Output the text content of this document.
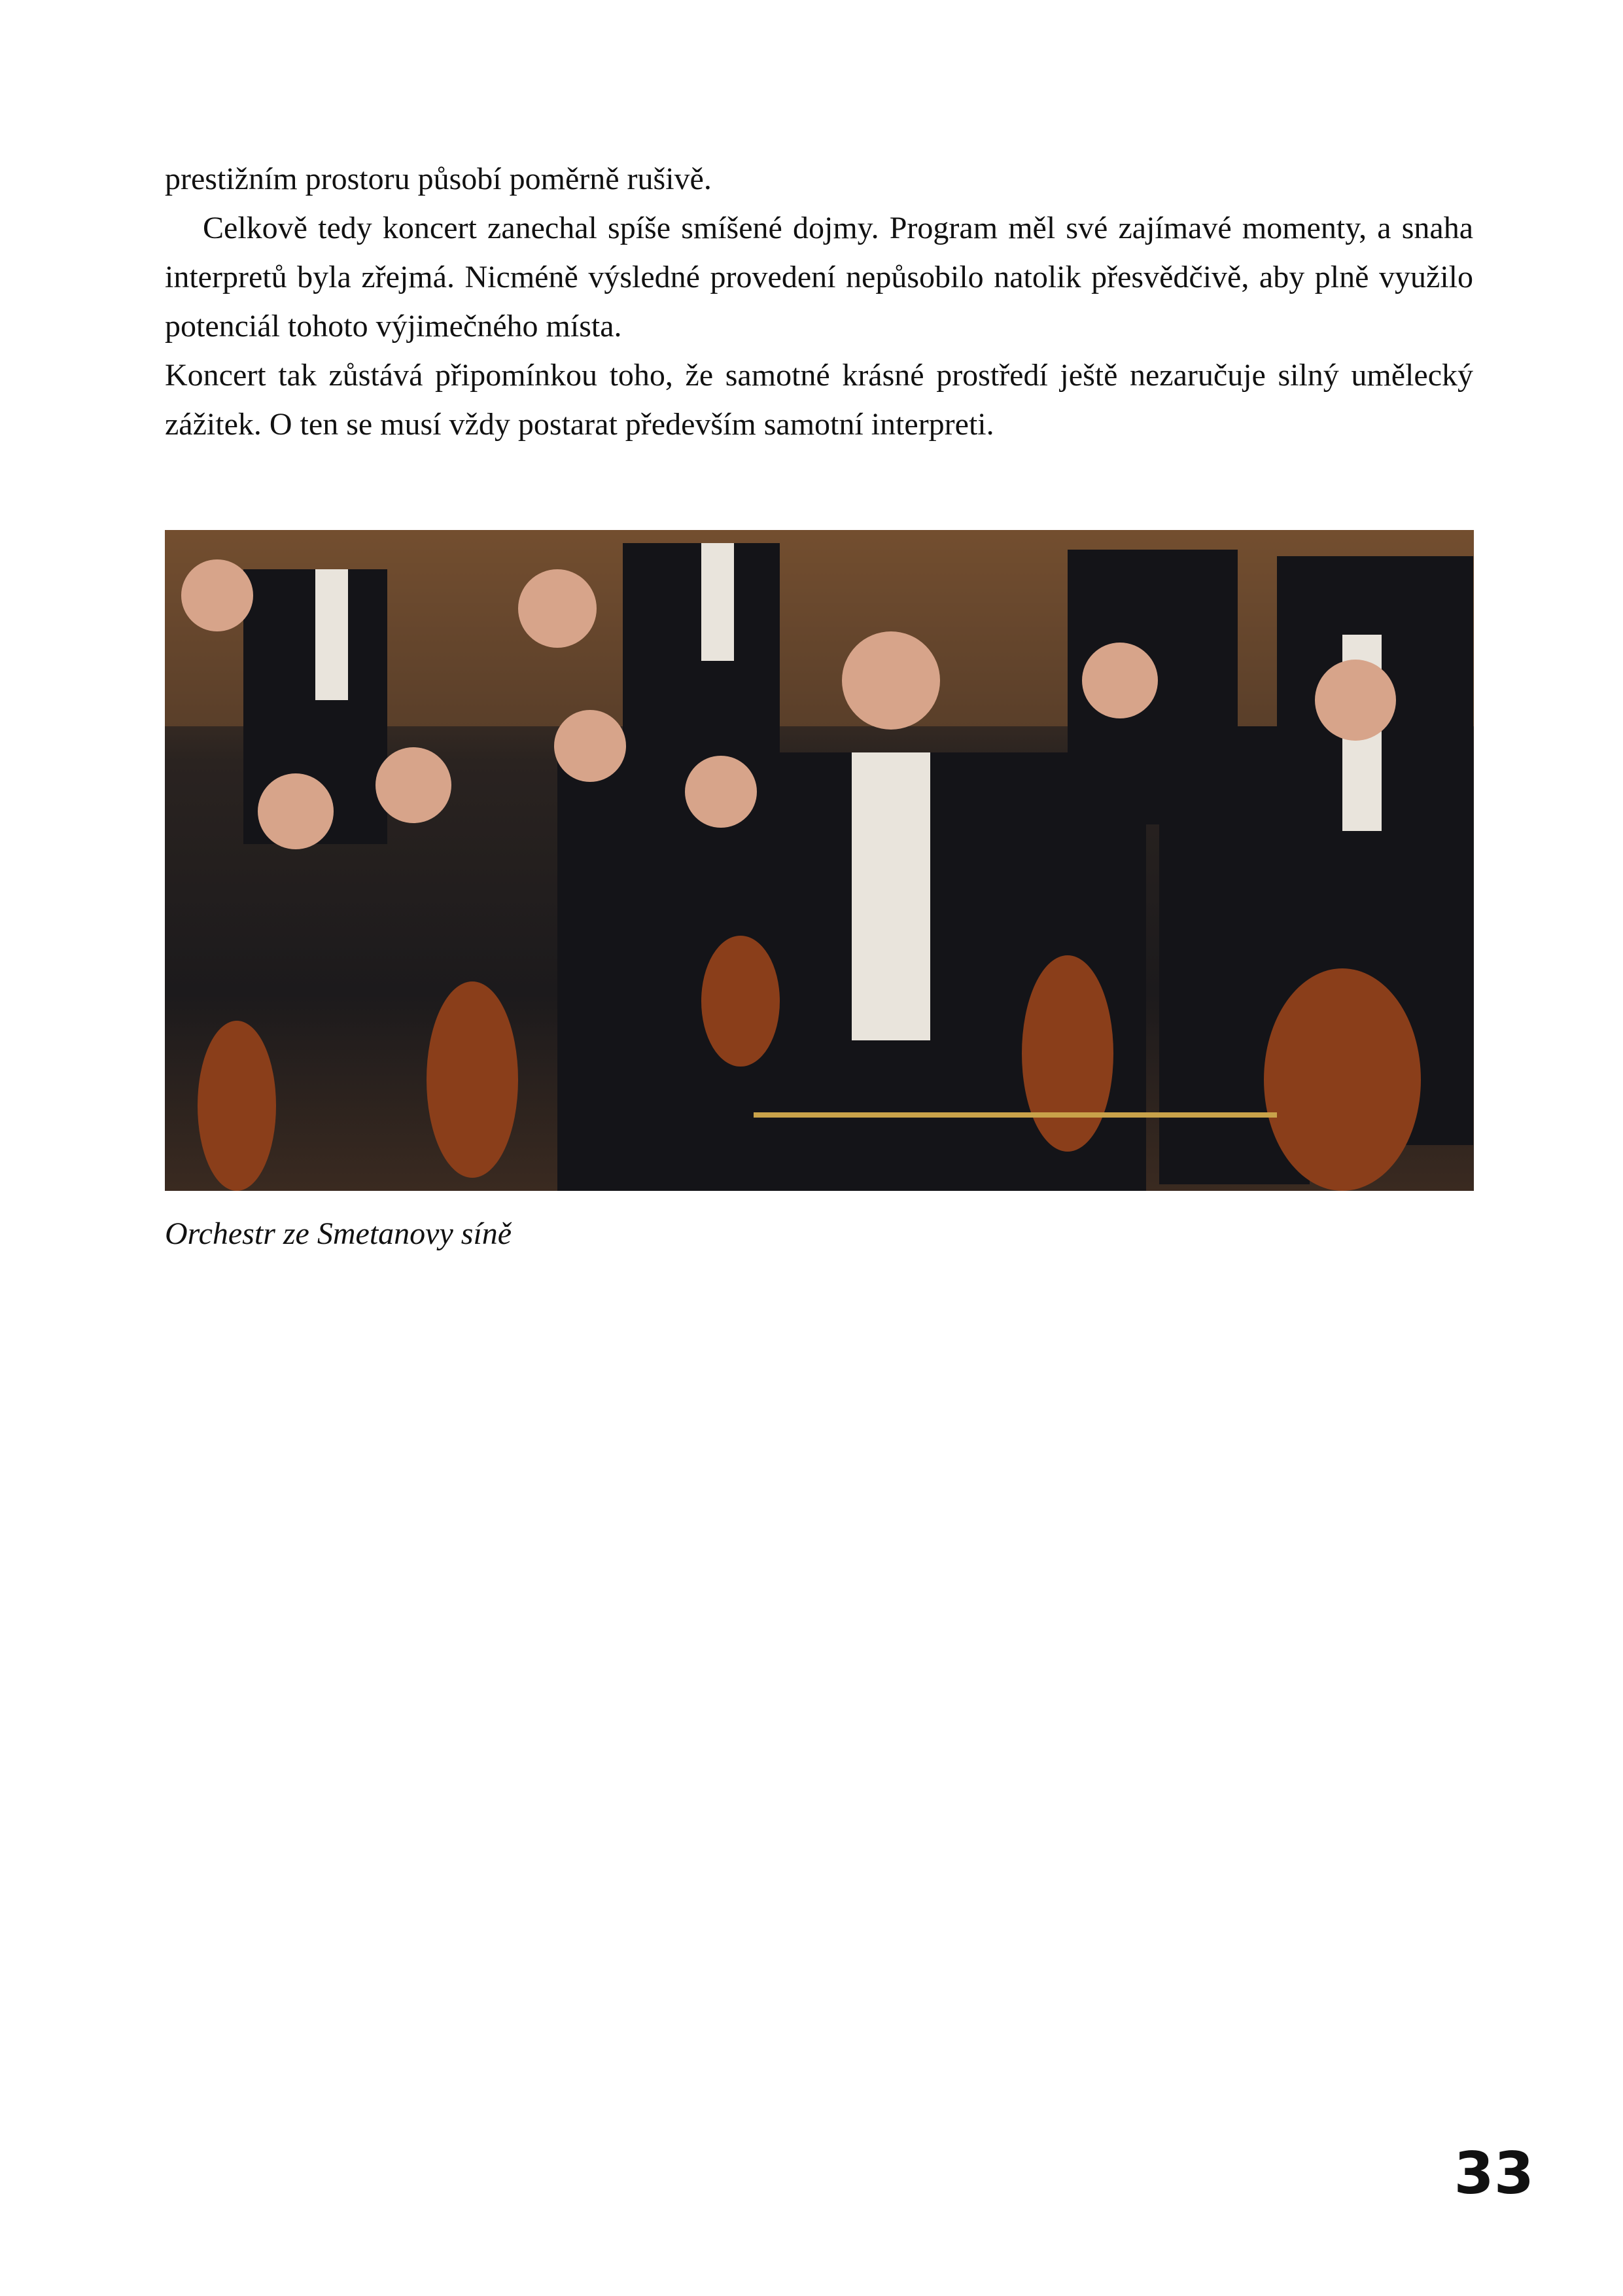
prestižním prostoru působí poměrně rušivě.

Celkově tedy koncert zanechal spíše smíšené dojmy. Program měl své zajímavé momenty, a snaha interpretů byla zřejmá. Nicméně výsledné provedení nepůsobilo natolik přesvědčivě, aby plně využilo potenciál tohoto výjimečného místa.

Koncert tak zůstává připomínkou toho, že samotné krásné prostředí ještě nezaručuje silný umělecký zážitek. O ten se musí vždy postarat především samotní interpreti.

Orchestr ze Smetanovy síně
33
